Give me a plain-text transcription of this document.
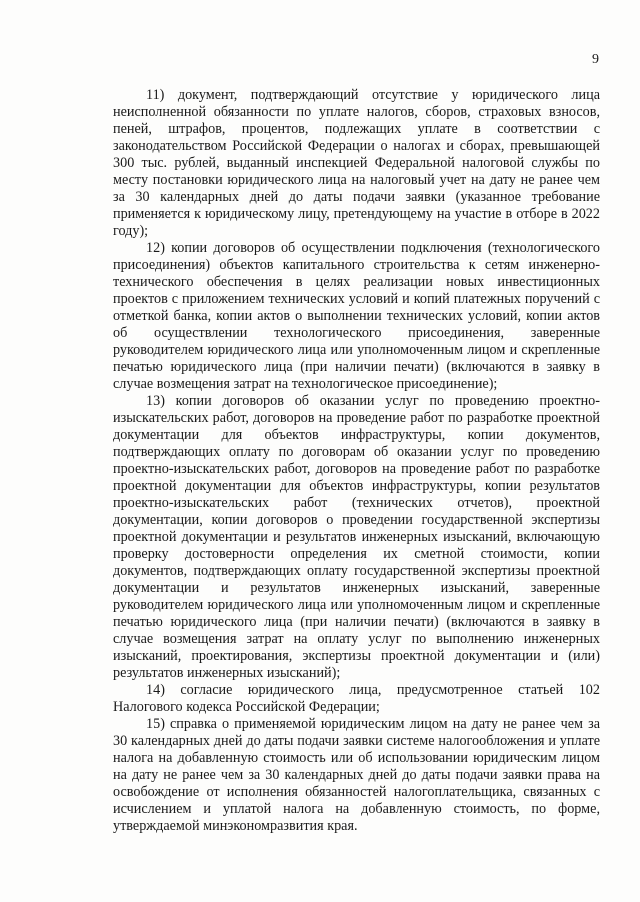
9

11) документ, подтверждающий отсутствие у юридического лица неисполненной обязанности по уплате налогов, сборов, страховых взносов, пеней, штрафов, процентов, подлежащих уплате в соответствии с законодательством Российской Федерации о налогах и сборах, превышающей 300 тыс. рублей, выданный инспекцией Федеральной налоговой службы по месту постановки юридического лица на налоговый учет на дату не ранее чем за 30 календарных дней до даты подачи заявки (указанное требование применяется к юридическому лицу, претендующему на участие в отборе в 2022 году);

12) копии договоров об осуществлении подключения (технологического присоединения) объектов капитального строительства к сетям инженерно-технического обеспечения в целях реализации новых инвестиционных проектов с приложением технических условий и копий платежных поручений с отметкой банка, копии актов о выполнении технических условий, копии актов об осуществлении технологического присоединения, заверенные руководителем юридического лица или уполномоченным лицом и скрепленные печатью юридического лица (при наличии печати) (включаются в заявку в случае возмещения затрат на технологическое присоединение);

13) копии договоров об оказании услуг по проведению проектно-изыскательских работ, договоров на проведение работ по разработке проектной документации для объектов инфраструктуры, копии документов, подтверждающих оплату по договорам об оказании услуг по проведению проектно-изыскательских работ, договоров на проведение работ по разработке проектной документации для объектов инфраструктуры, копии результатов проектно-изыскательских работ (технических отчетов), проектной документации, копии договоров о проведении государственной экспертизы проектной документации и результатов инженерных изысканий, включающую проверку достоверности определения их сметной стоимости, копии документов, подтверждающих оплату государственной экспертизы проектной документации и результатов инженерных изысканий, заверенные руководителем юридического лица или уполномоченным лицом и скрепленные печатью юридического лица (при наличии печати) (включаются в заявку в случае возмещения затрат на оплату услуг по выполнению инженерных изысканий, проектирования, экспертизы проектной документации и (или) результатов инженерных изысканий);

14) согласие юридического лица, предусмотренное статьей 102 Налогового кодекса Российской Федерации;

15) справка о применяемой юридическим лицом на дату не ранее чем за 30 календарных дней до даты подачи заявки системе налогообложения и уплате налога на добавленную стоимость или об использовании юридическим лицом на дату не ранее чем за 30 календарных дней до даты подачи заявки права на освобождение от исполнения обязанностей налогоплательщика, связанных с исчислением и уплатой налога на добавленную стоимость, по форме, утверждаемой минэкономразвития края.
